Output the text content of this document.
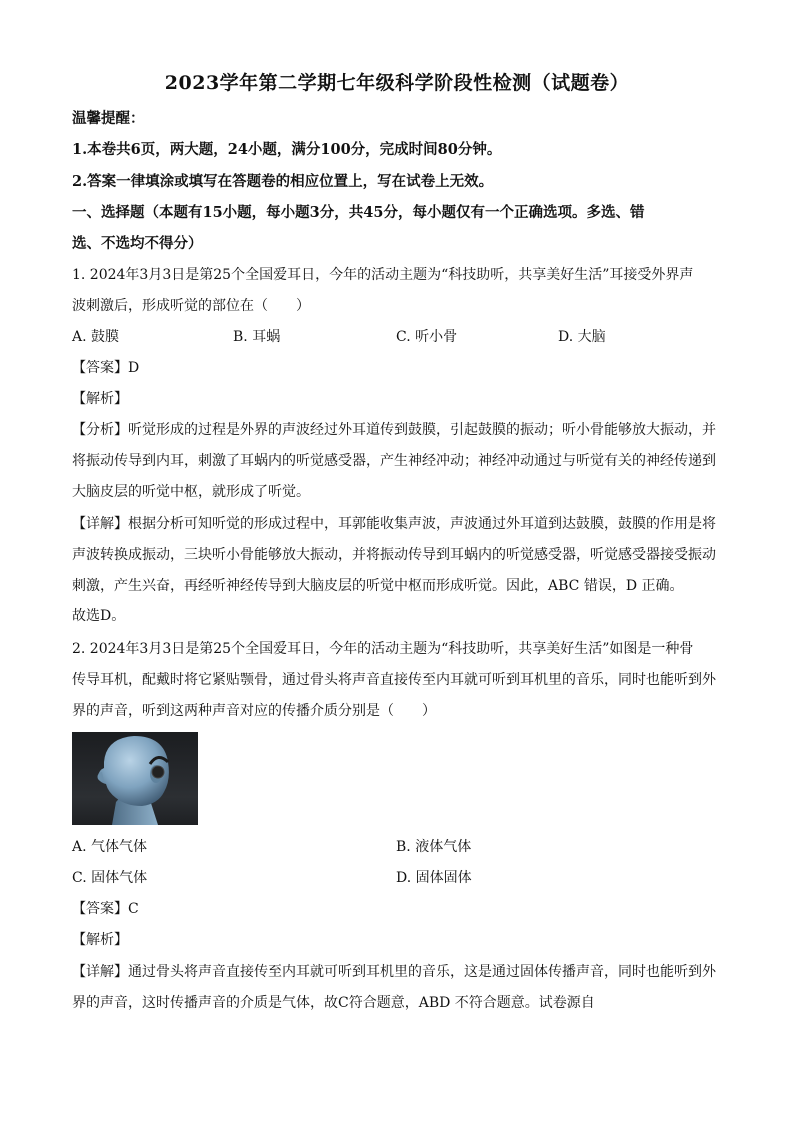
2023学年第二学期七年级科学阶段性检测（试题卷）
温馨提醒：
1.本卷共6页，两大题，24小题，满分100分，完成时间80分钟。
2.答案一律填涂或填写在答题卷的相应位置上，写在试卷上无效。
一、选择题（本题有15小题，每小题3分，共45分，每小题仅有一个正确选项。多选、错
选、不选均不得分）
1. 2024年3月3日是第25个全国爱耳日，今年的活动主题为“科技助听，共享美好生活”耳接受外界声
波刺激后，形成听觉的部位在（　　）
A. 鼓膜	B. 耳蜗	C. 听小骨	D. 大脑
【答案】D
【解析】
【分析】听觉形成的过程是外界的声波经过外耳道传到鼓膜，引起鼓膜的振动；听小骨能够放大振动，并
将振动传导到内耳，刺激了耳蜗内的听觉感受器，产生神经冲动；神经冲动通过与听觉有关的神经传递到
大脑皮层的听觉中枢，就形成了听觉。
【详解】根据分析可知听觉的形成过程中，耳郭能收集声波，声波通过外耳道到达鼓膜，鼓膜的作用是将
声波转换成振动，三块听小骨能够放大振动，并将振动传导到耳蜗内的听觉感受器，听觉感受器接受振动
刺激，产生兴奋，再经听神经传导到大脑皮层的听觉中枢而形成听觉。因此，ABC 错误，D 正确。
故选D。
2. 2024年3月3日是第25个全国爱耳日，今年的活动主题为“科技助听，共享美好生活”如图是一种骨
传导耳机，配戴时将它紧贴颚骨，通过骨头将声音直接传至内耳就可听到耳机里的音乐，同时也能听到外
界的声音，听到这两种声音对应的传播介质分别是（　　）
A. 气体气体	B. 液体气体
C. 固体气体	D. 固体固体
【答案】C
【解析】
【详解】通过骨头将声音直接传至内耳就可听到耳机里的音乐，这是通过固体传播声音，同时也能听到外
界的声音，这时传播声音的介质是气体，故C符合题意，ABD 不符合题意。试卷源自
